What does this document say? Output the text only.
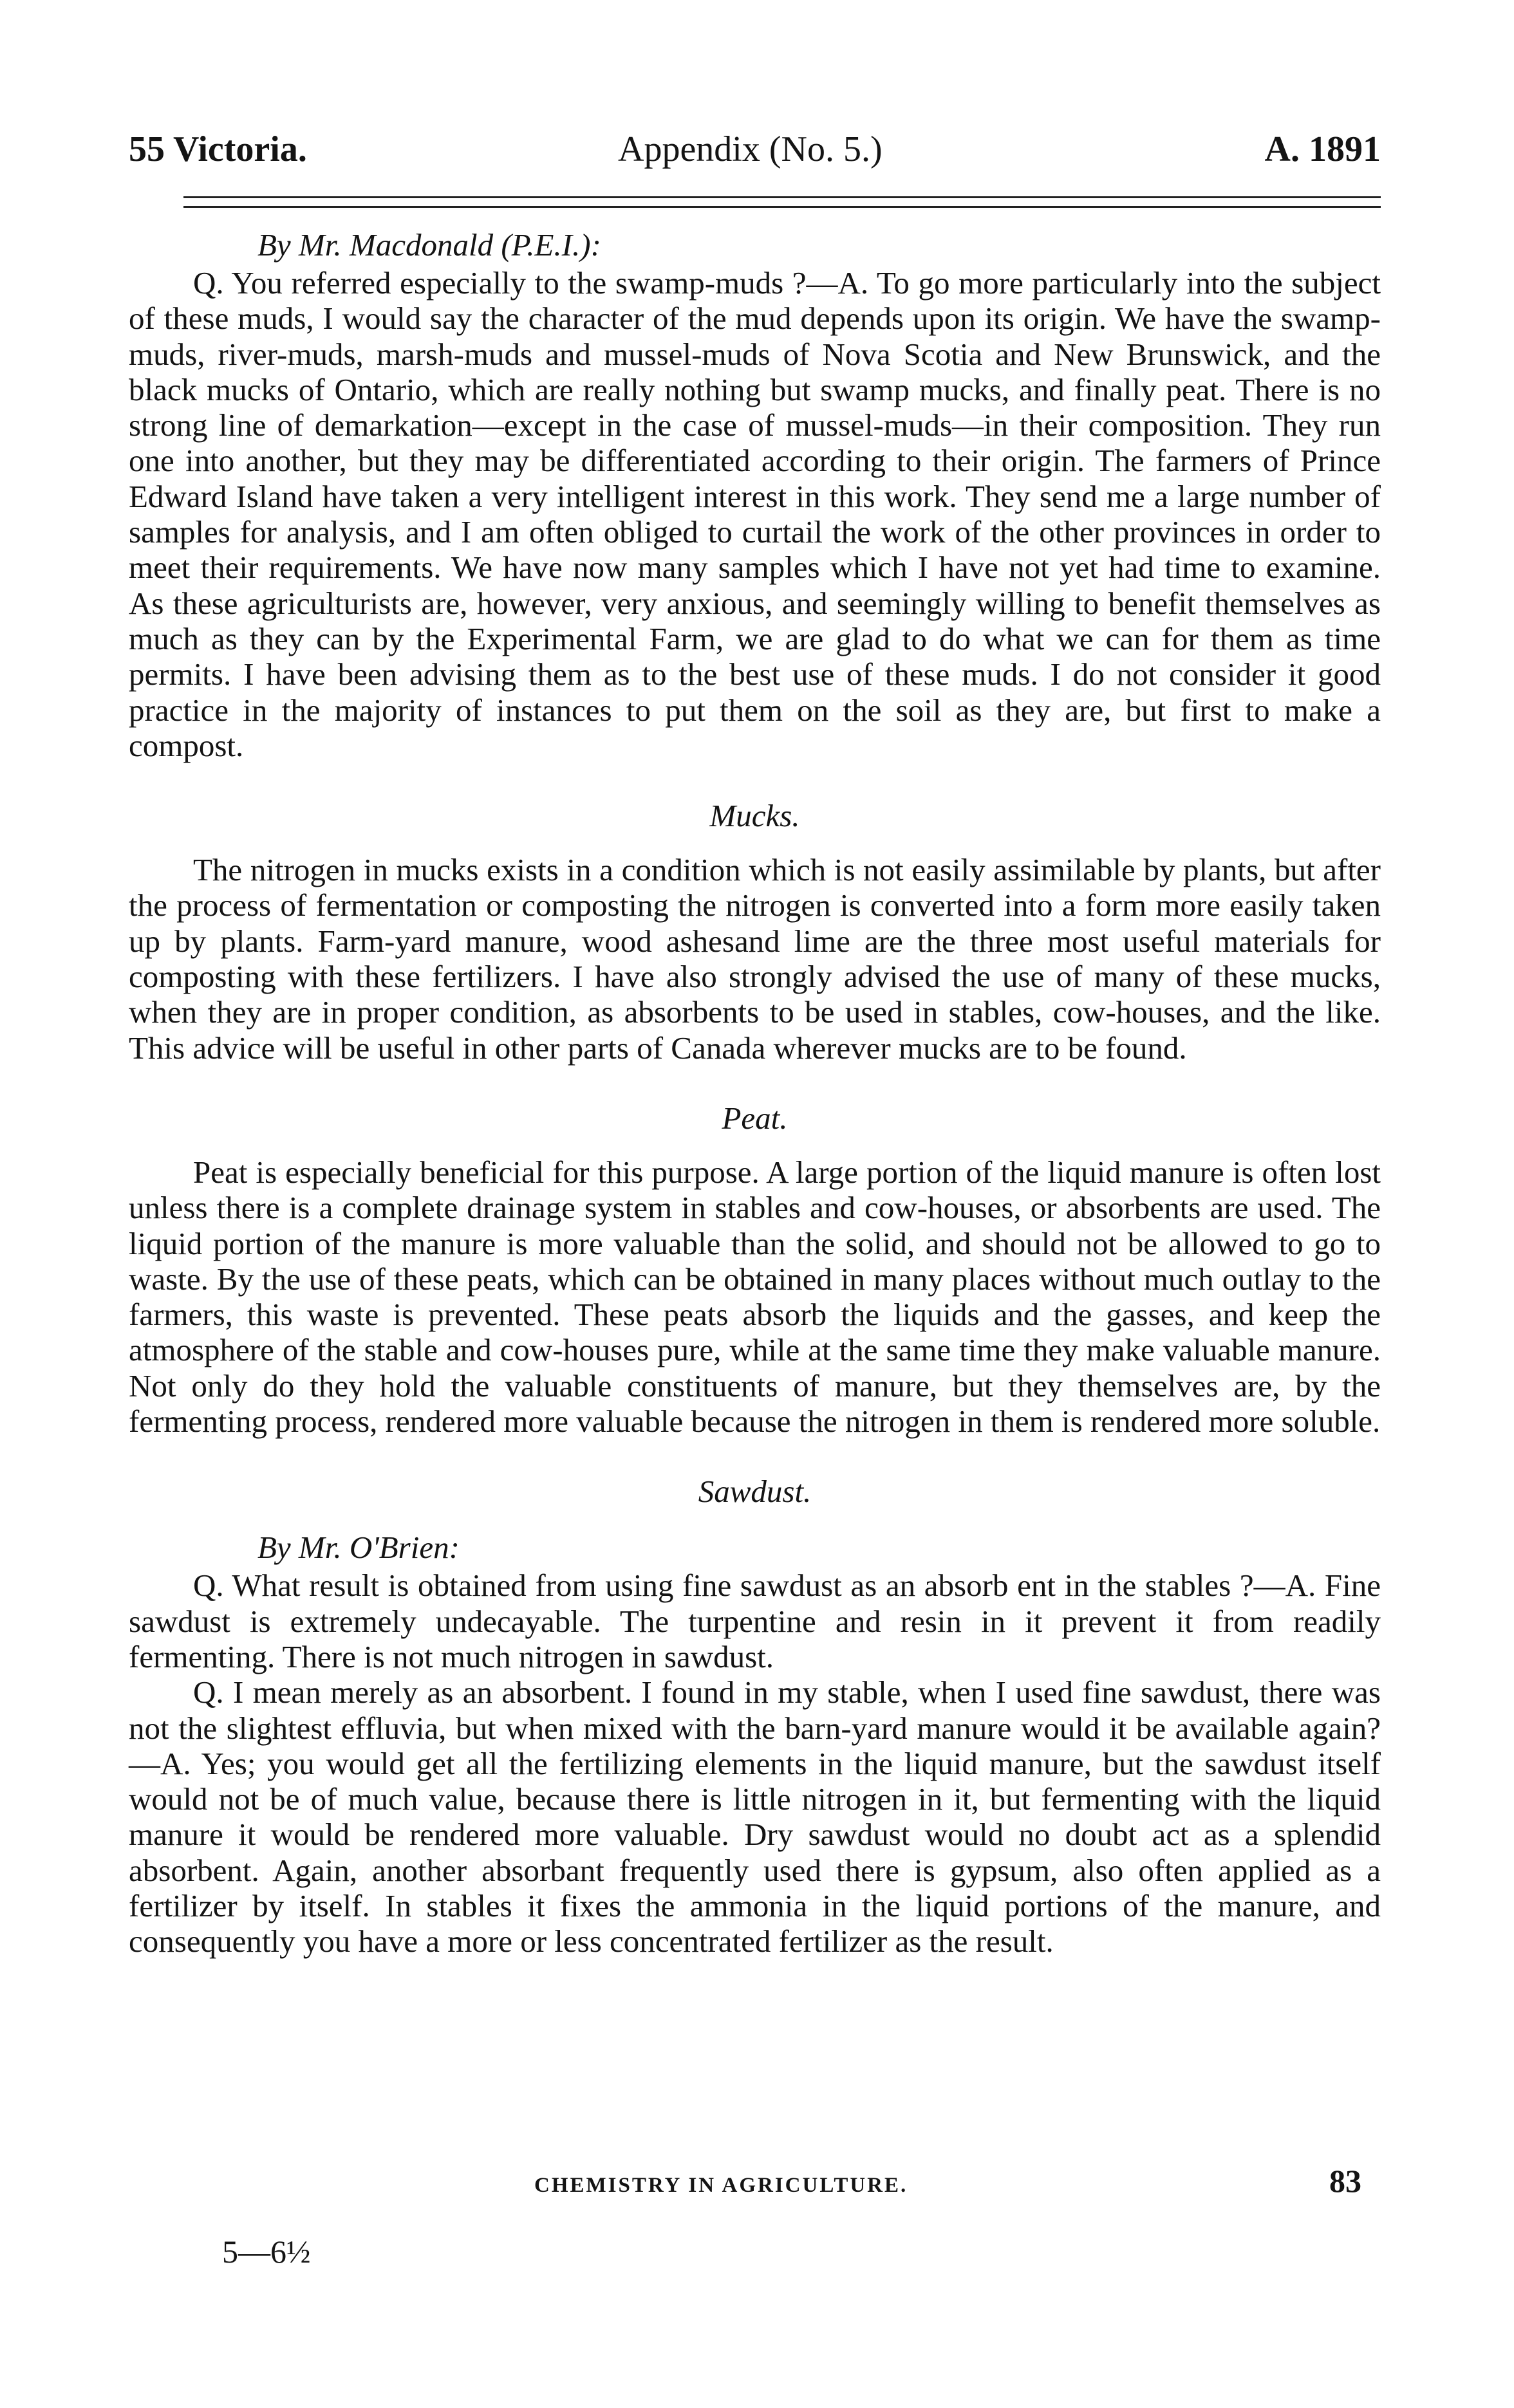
55 Victoria.	Appendix (No. 5.)	A. 1891
By Mr. Macdonald (P.E.I.):

Q. You referred especially to the swamp-muds ?—A. To go more particularly into the subject of these muds, I would say the character of the mud depends upon its origin. We have the swamp-muds, river-muds, marsh-muds and mussel-muds of Nova Scotia and New Brunswick, and the black mucks of Ontario, which are really nothing but swamp mucks, and finally peat. There is no strong line of demarkation—except in the case of mussel-muds—in their composition. They run one into another, but they may be differentiated according to their origin. The farmers of Prince Edward Island have taken a very intelligent interest in this work. They send me a large number of samples for analysis, and I am often obliged to curtail the work of the other provinces in order to meet their requirements. We have now many samples which I have not yet had time to examine. As these agriculturists are, however, very anxious, and seemingly willing to benefit themselves as much as they can by the Experimental Farm, we are glad to do what we can for them as time permits. I have been advising them as to the best use of these muds. I do not consider it good practice in the majority of instances to put them on the soil as they are, but first to make a compost.

Mucks.

The nitrogen in mucks exists in a condition which is not easily assimilable by plants, but after the process of fermentation or composting the nitrogen is converted into a form more easily taken up by plants. Farm-yard manure, wood ashesand lime are the three most useful materials for composting with these fertilizers. I have also strongly advised the use of many of these mucks, when they are in proper condition, as absorbents to be used in stables, cow-houses, and the like. This advice will be useful in other parts of Canada wherever mucks are to be found.

Peat.

Peat is especially beneficial for this purpose. A large portion of the liquid manure is often lost unless there is a complete drainage system in stables and cow-houses, or absorbents are used. The liquid portion of the manure is more valuable than the solid, and should not be allowed to go to waste. By the use of these peats, which can be obtained in many places without much outlay to the farmers, this waste is prevented. These peats absorb the liquids and the gasses, and keep the atmosphere of the stable and cow-houses pure, while at the same time they make valuable manure. Not only do they hold the valuable constituents of manure, but they themselves are, by the fermenting process, rendered more valuable because the nitrogen in them is rendered more soluble.

Sawdust.
By Mr. O'Brien:

Q. What result is obtained from using fine sawdust as an absorb ent in the stables ?—A. Fine sawdust is extremely undecayable. The turpentine and resin in it prevent it from readily fermenting. There is not much nitrogen in sawdust.

Q. I mean merely as an absorbent. I found in my stable, when I used fine sawdust, there was not the slightest effluvia, but when mixed with the barn-yard manure would it be available again?—A. Yes; you would get all the fertilizing elements in the liquid manure, but the sawdust itself would not be of much value, because there is little nitrogen in it, but fermenting with the liquid manure it would be rendered more valuable. Dry sawdust would no doubt act as a splendid absorbent. Again, another absorbant frequently used there is gypsum, also often applied as a fertilizer by itself. In stables it fixes the ammonia in the liquid portions of the manure, and consequently you have a more or less concentrated fertilizer as the result.

CHEMISTRY IN AGRICULTURE.	83
5—6½
